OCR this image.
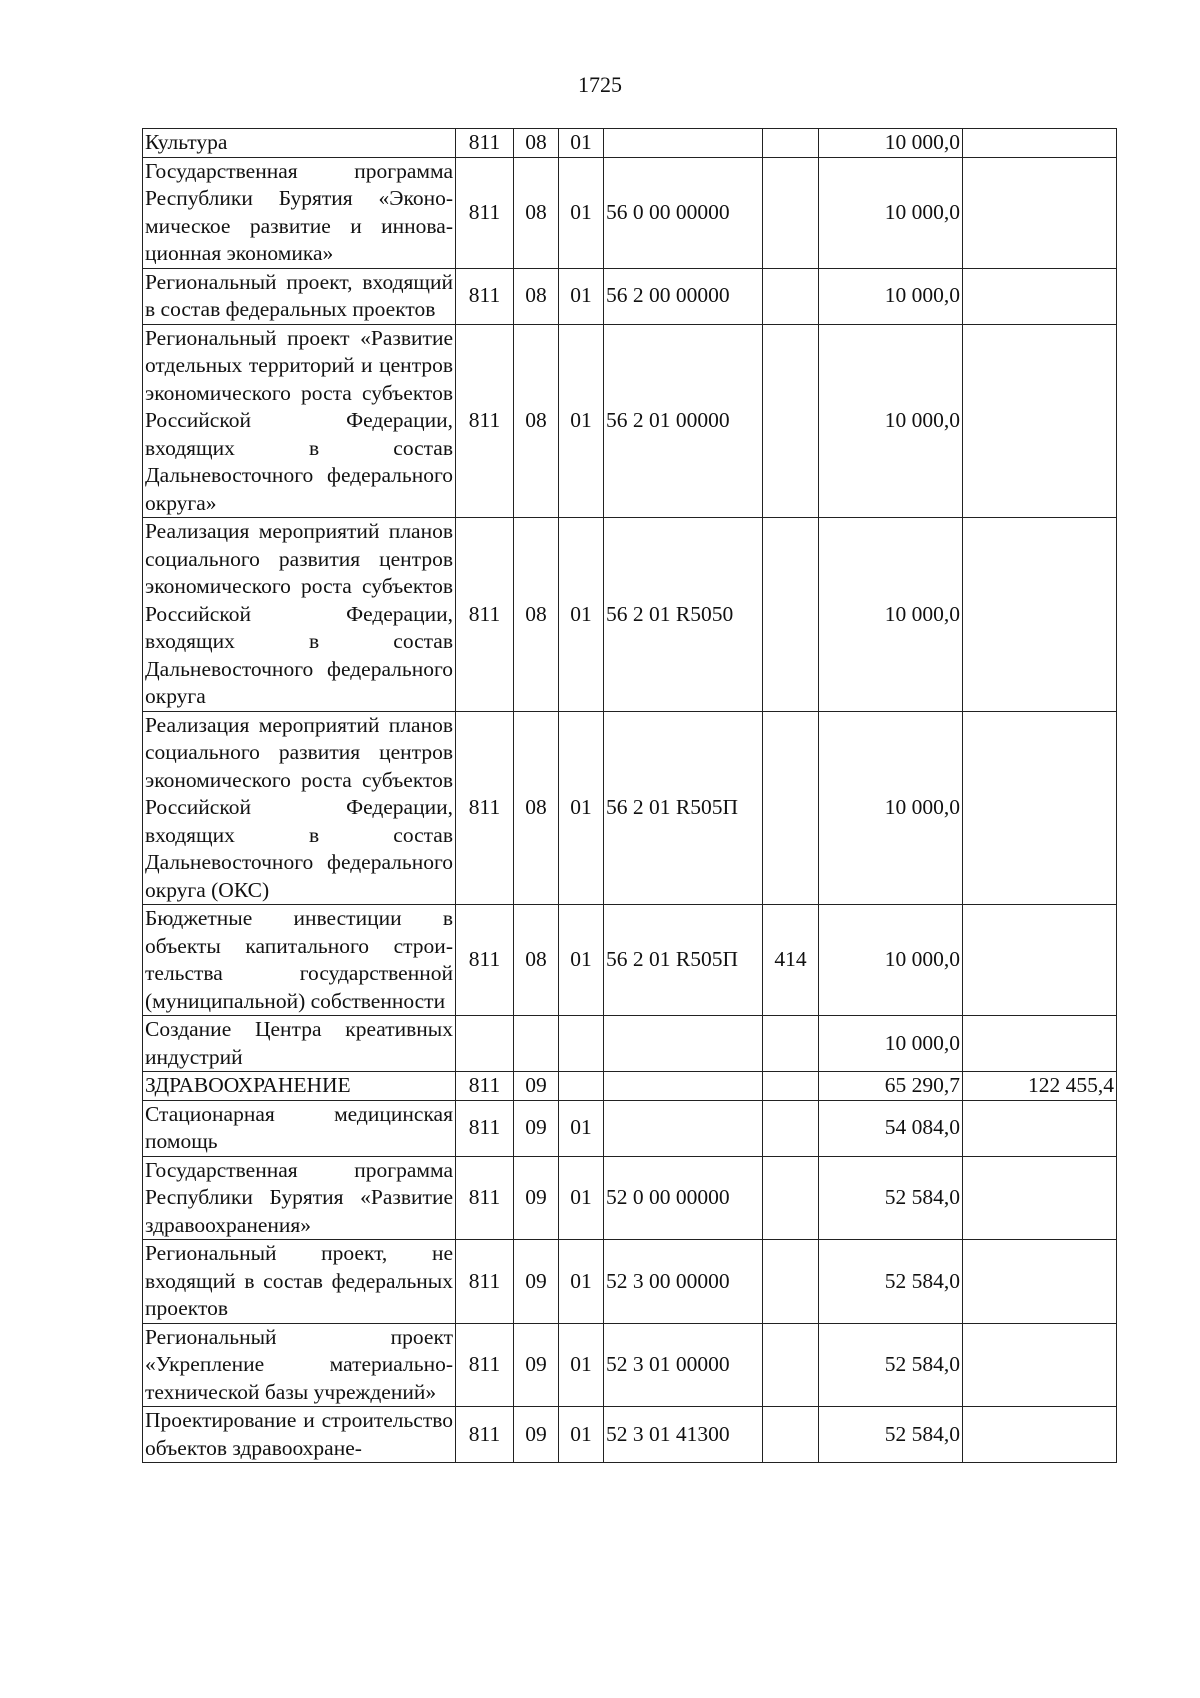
1725
Культура	811	08	01			10 000,0	
Государственная программа Республики Бурятия «Экономическое развитие и инновационная экономика»	811	08	01	56 0 00 00000		10 000,0	
Региональный проект, входящий в состав федеральных проектов	811	08	01	56 2 00 00000		10 000,0	
Региональный проект «Развитие отдельных территорий и центров экономического роста субъектов Российской Федерации, входящих в состав Дальневосточного федерального округа»	811	08	01	56 2 01 00000		10 000,0	
Реализация мероприятий планов социального развития центров экономического роста субъектов Российской Федерации, входящих в состав Дальневосточного федерального округа	811	08	01	56 2 01 R5050		10 000,0	
Реализация мероприятий планов социального развития центров экономического роста субъектов Российской Федерации, входящих в состав Дальневосточного федерального округа (ОКС)	811	08	01	56 2 01 R505П		10 000,0	
Бюджетные инвестиции в объекты капитального строительства государственной (муниципальной) собственности	811	08	01	56 2 01 R505П	414	10 000,0	
Создание Центра креативных индустрий						10 000,0	
ЗДРАВООХРАНЕНИЕ	811	09				65 290,7	122 455,4
Стационарная медицинская помощь	811	09	01			54 084,0	
Государственная программа Республики Бурятия «Развитие здравоохранения»	811	09	01	52 0 00 00000		52 584,0	
Региональный проект, не входящий в состав федеральных проектов	811	09	01	52 3 00 00000		52 584,0	
Региональный проект «Укрепление материально-технической базы учреждений»	811	09	01	52 3 01 00000		52 584,0	
Проектирование и строительство объектов здравоохране-	811	09	01	52 3 01 41300		52 584,0	
